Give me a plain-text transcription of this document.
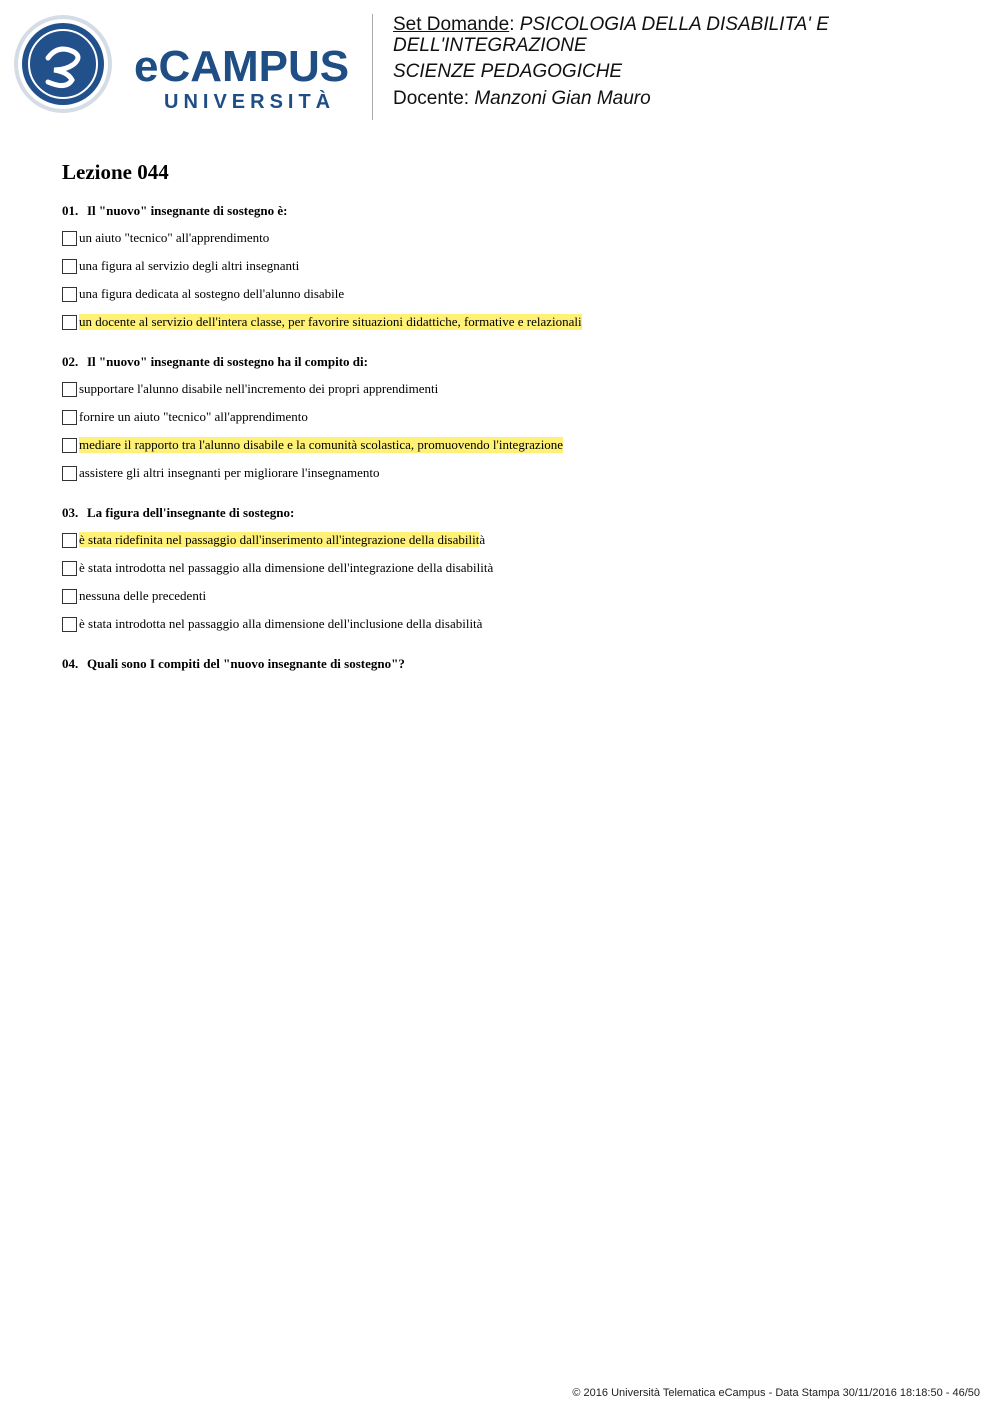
eCAMPUS
UNIVERSITÀ
Set Domande: PSICOLOGIA DELLA DISABILITA' E
DELL'INTEGRAZIONE
SCIENZE PEDAGOGICHE
Docente: Manzoni Gian Mauro
Lezione 044
01. Il "nuovo" insegnante di sostegno è:
un aiuto "tecnico" all'apprendimento
una figura al servizio degli altri insegnanti
una figura dedicata al sostegno dell'alunno disabile
un docente al servizio dell'intera classe, per favorire situazioni didattiche, formative e relazionali
02. Il "nuovo" insegnante di sostegno ha il compito di:
supportare l'alunno disabile nell'incremento dei propri apprendimenti
fornire un aiuto "tecnico" all'apprendimento
mediare il rapporto tra l'alunno disabile e la comunità scolastica, promuovendo l'integrazione
assistere gli altri insegnanti per migliorare l'insegnamento
03. La figura dell'insegnante di sostegno:
è stata ridefinita nel passaggio dall'inserimento all'integrazione della disabilità
è stata introdotta nel passaggio alla dimensione dell'integrazione della disabilità
nessuna delle precedenti
è stata introdotta nel passaggio alla dimensione dell'inclusione della disabilità
04. Quali sono I compiti del "nuovo insegnante di sostegno"?
© 2016 Università Telematica eCampus - Data Stampa 30/11/2016 18:18:50 - 46/50
